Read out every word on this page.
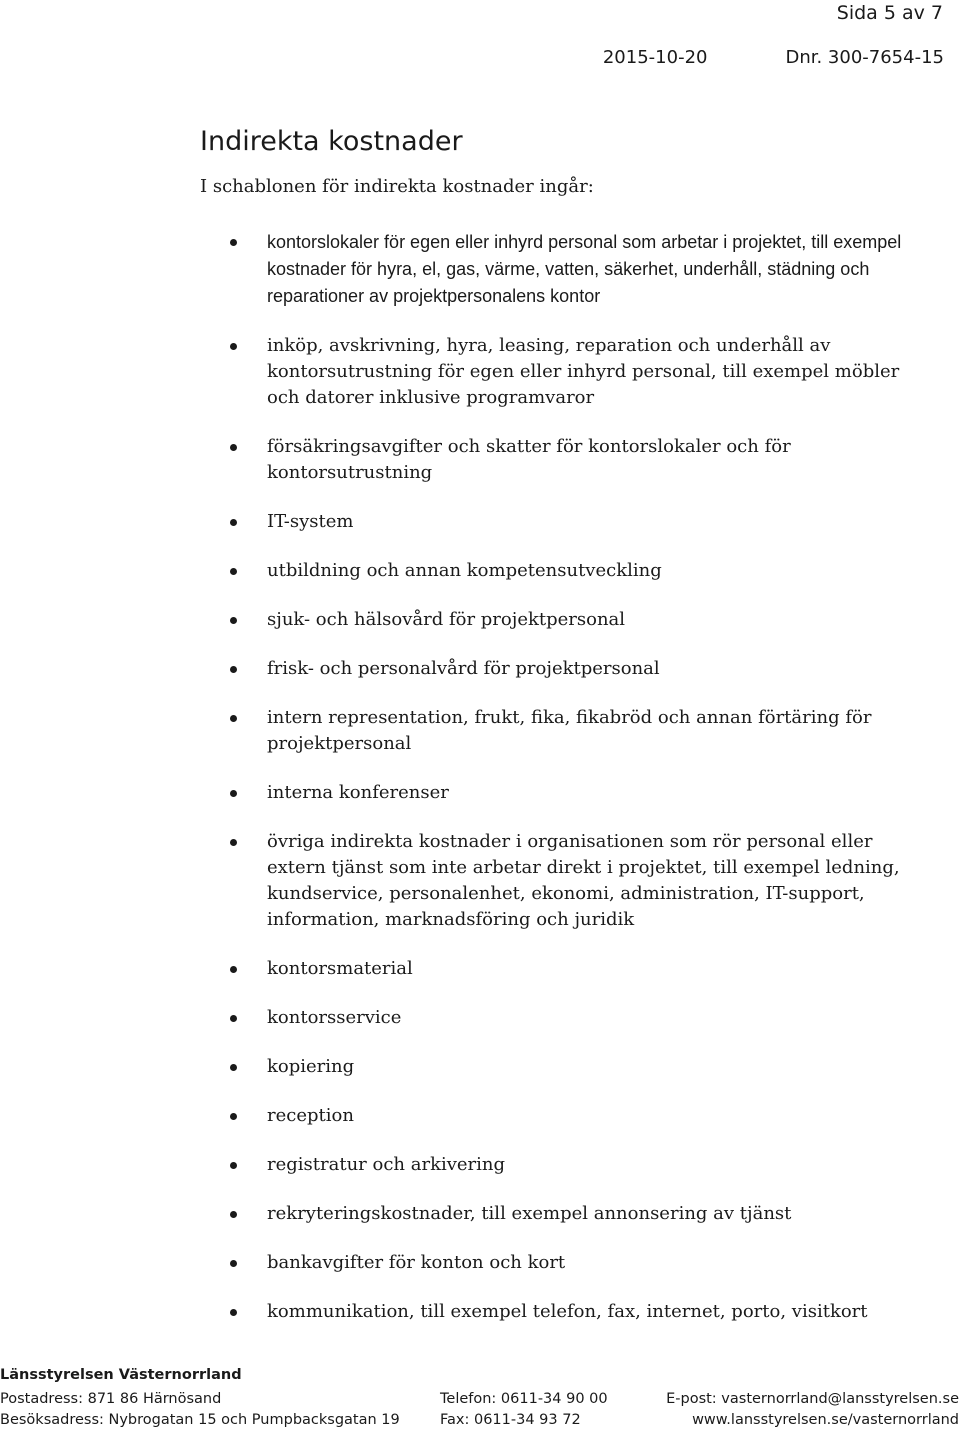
Sida 5 av 7
2015-10-20	Dnr. 300-7654-15
Indirekta kostnader

I schablonen för indirekta kostnader ingår:

kontorslokaler för egen eller inhyrd personal som arbetar i projektet, till exempel kostnader för hyra, el, gas, värme, vatten, säkerhet, underhåll, städning och reparationer av projektpersonalens kontor
inköp, avskrivning, hyra, leasing, reparation och underhåll av kontorsutrustning för egen eller inhyrd personal, till exempel möbler och datorer inklusive programvaror
försäkringsavgifter och skatter för kontorslokaler och för kontorsutrustning
IT-system
utbildning och annan kompetensutveckling
sjuk- och hälsovård för projektpersonal
frisk- och personalvård för projektpersonal
intern representation, frukt, fika, fikabröd och annan förtäring för projektpersonal
interna konferenser
övriga indirekta kostnader i organisationen som rör personal eller extern tjänst som inte arbetar direkt i projektet, till exempel ledning, kundservice, personalenhet, ekonomi, administration, IT-support, information, marknadsföring och juridik
kontorsmaterial
kontorsservice
kopiering
reception
registratur och arkivering
rekryteringskostnader, till exempel annonsering av tjänst
bankavgifter för konton och kort
kommunikation, till exempel telefon, fax, internet, porto, visitkort
Länsstyrelsen Västernorrland
Postadress: 871 86 Härnösand	Telefon: 0611-34 90 00	E-post: vasternorrland@lansstyrelsen.se
Besöksadress: Nybrogatan 15 och Pumpbacksgatan 19	Fax: 0611-34 93 72	www.lansstyrelsen.se/vasternorrland
